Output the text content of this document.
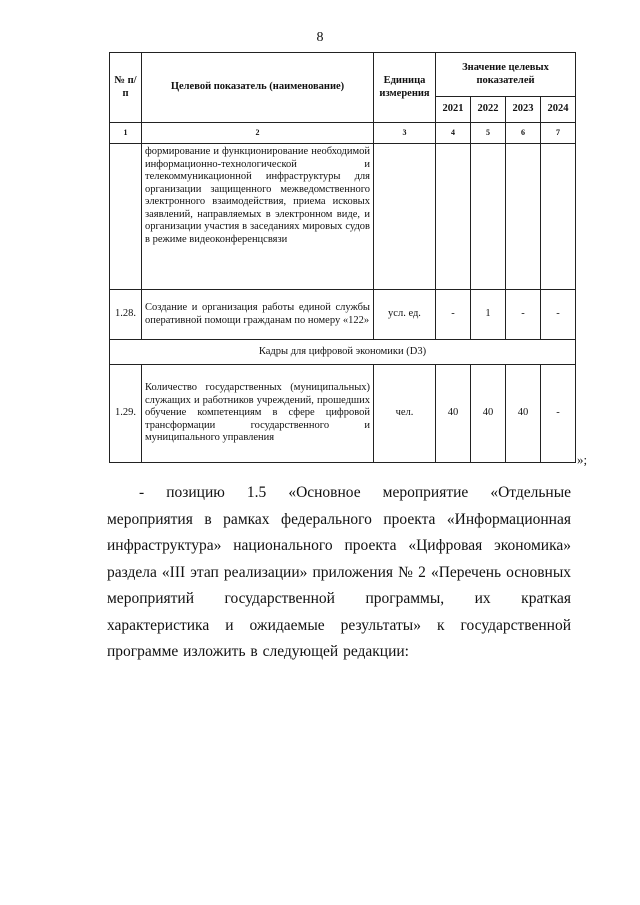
8
№ п/п	Целевой показатель (наименование)	Единица измерения	Значение целевых показателей			
			2021	2022	2023	2024
1	2	3	4	5	6	7
	формирование и функционирование необходимой информационно-технологической и телекоммуникационной инфраструктуры для организации защищенного межведомственного электронного взаимодействия, приема исковых заявлений, направляемых в электронном виде, и организации участия в заседаниях мировых судов в режиме видеоконференцсвязи					
1.28.	Создание и организация работы единой службы оперативной помощи гражданам по номеру «122»	усл. ед.	-	1	-	-
Кадры для цифровой экономики (D3)						
1.29.	Количество государственных (муниципальных) служащих и работников учреждений, прошедших обучение компетенциям в сфере цифровой трансформации государственного и муниципального управления	чел.	40	40	40	-
»;
- позицию 1.5 «Основное мероприятие «Отдельные мероприятия в рамках федерального проекта «Информационная инфраструктура» национального проекта «Цифровая экономика» раздела «III этап реализации» приложения № 2 «Перечень основных мероприятий государственной программы, их краткая характеристика и ожидаемые результаты» к государственной программе изложить в следующей редакции:
